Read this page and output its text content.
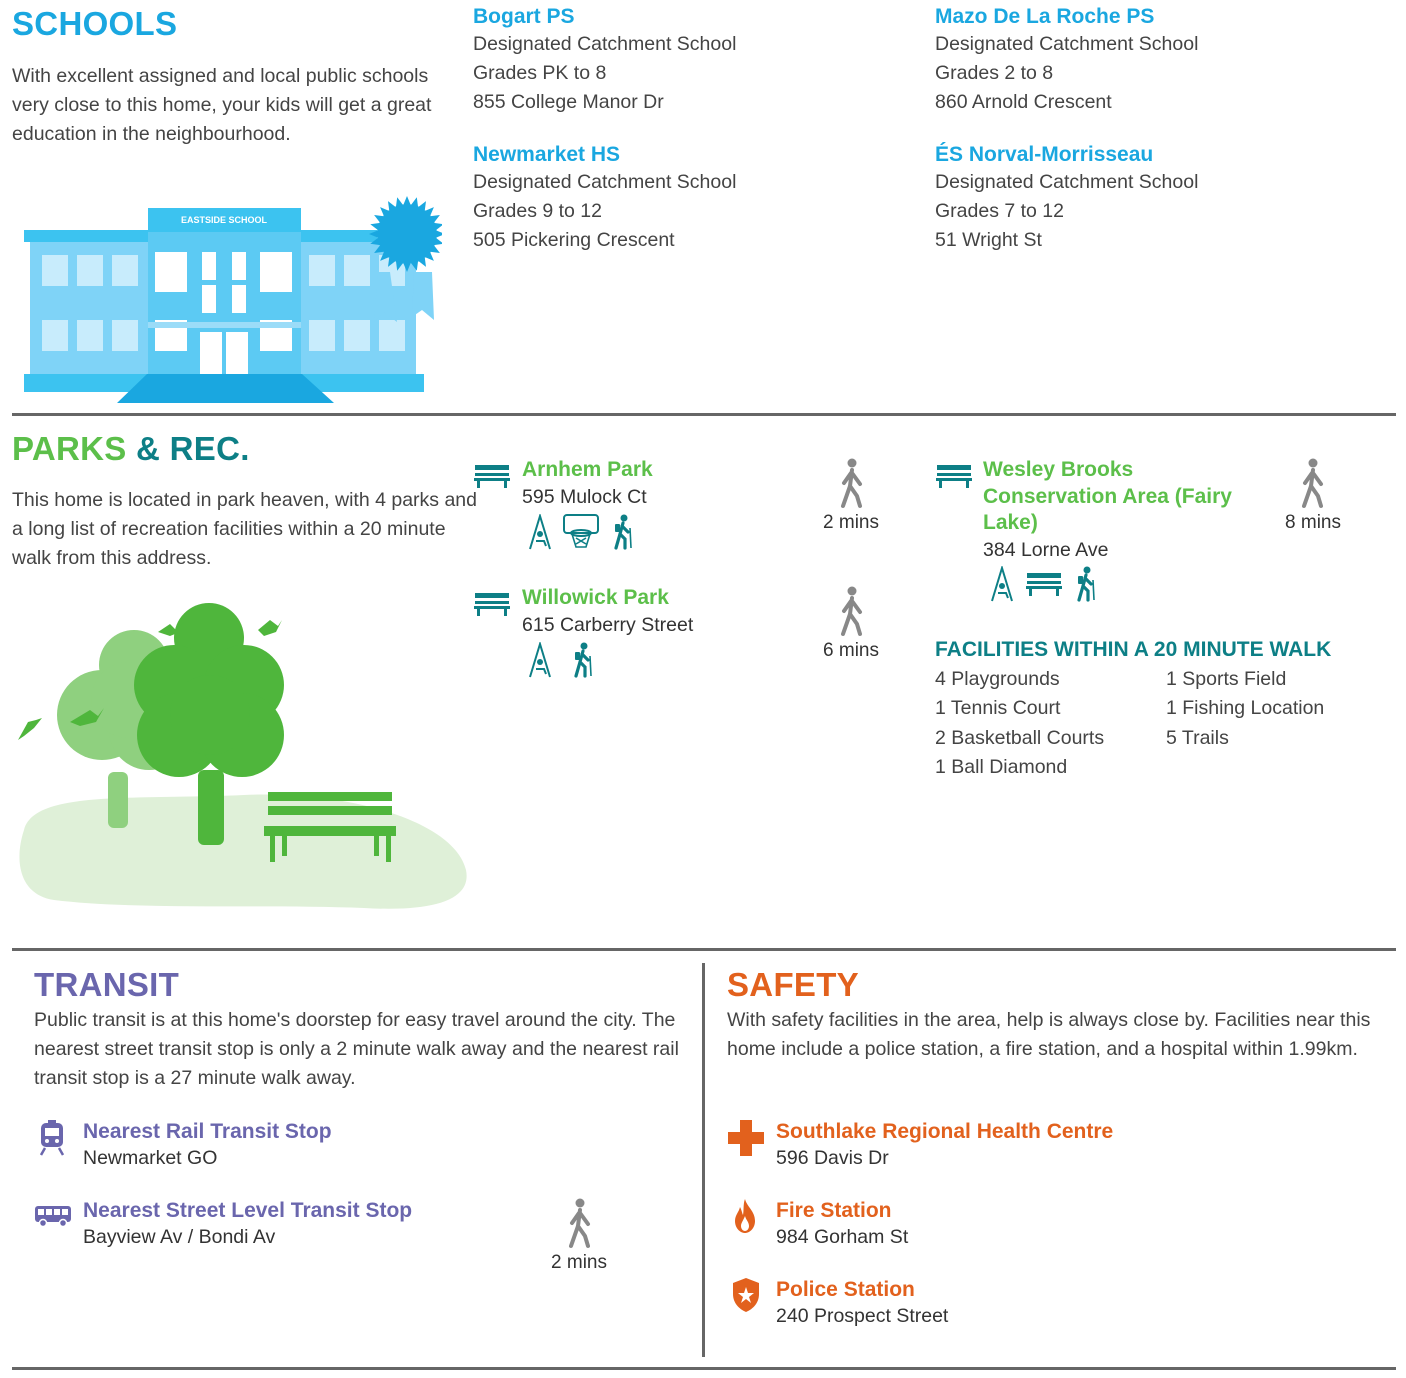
SCHOOLS
With excellent assigned and local public schools very close to this home, your kids will get a great education in the neighbourhood.
EASTSIDE SCHOOL
Bogart PS
Designated Catchment School
Grades PK to 8
855 College Manor Dr
Mazo De La Roche PS
Designated Catchment School
Grades 2 to 8
860 Arnold Crescent
Newmarket HS
Designated Catchment School
Grades 9 to 12
505 Pickering Crescent
ÉS Norval-Morrisseau
Designated Catchment School
Grades 7 to 12
51 Wright St
PARKS & REC.
This home is located in park heaven, with 4 parks and a long list of recreation facilities within a 20 minute walk from this address.
Arnhem Park
595 Mulock Ct
2 mins
Willowick Park
615 Carberry Street
6 mins
Wesley Brooks Conservation Area (Fairy Lake)
384 Lorne Ave
8 mins
FACILITIES WITHIN A 20 MINUTE WALK
4 Playgrounds
1 Tennis Court
2 Basketball Courts
1 Ball Diamond
1 Sports Field
1 Fishing Location
5 Trails
TRANSIT
Public transit is at this home's doorstep for easy travel around the city. The nearest street transit stop is only a 2 minute walk away and the nearest rail transit stop is a 27 minute walk away.
Nearest Rail Transit Stop
Newmarket GO
Nearest Street Level Transit Stop
Bayview Av / Bondi Av
2 mins
SAFETY
With safety facilities in the area, help is always close by. Facilities near this home include a police station, a fire station, and a hospital within 1.99km.
Southlake Regional Health Centre
596 Davis Dr
Fire Station
984 Gorham St
Police Station
240 Prospect Street
